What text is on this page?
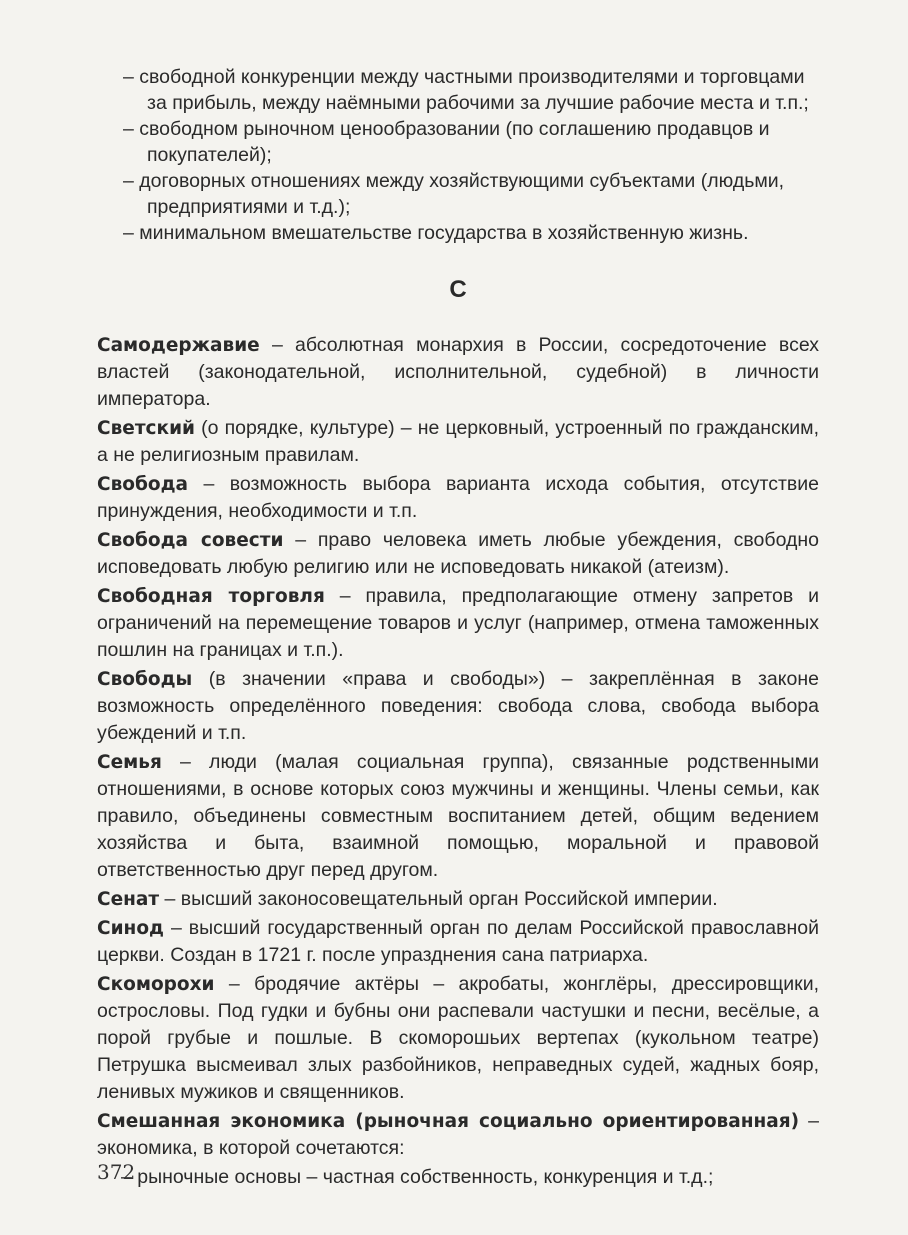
– свободной конкуренции между частными производителями и торговцами за прибыль, между наёмными рабочими за лучшие рабочие места и т.п.;

– свободном рыночном ценообразовании (по соглашению продавцов и покупателей);

– договорных отношениях между хозяйствующими субъектами (людьми, предприятиями и т.д.);

– минимальном вмешательстве государства в хозяйственную жизнь.

С

Самодержавие – абсолютная монархия в России, сосредоточение всех властей (законодательной, исполнительной, судебной) в личности императора.

Светский (о порядке, культуре) – не церковный, устроенный по гражданским, а не религиозным правилам.

Свобода – возможность выбора варианта исхода события, отсутствие принуждения, необходимости и т.п.

Свобода совести – право человека иметь любые убеждения, свободно исповедовать любую религию или не исповедовать никакой (атеизм).

Свободная торговля – правила, предполагающие отмену запретов и ограничений на перемещение товаров и услуг (например, отмена таможенных пошлин на границах и т.п.).

Свободы (в значении «права и свободы») – закреплённая в законе возможность определённого поведения: свобода слова, свобода выбора убеждений и т.п.

Семья – люди (малая социальная группа), связанные родственными отношениями, в основе которых союз мужчины и женщины. Члены семьи, как правило, объединены совместным воспитанием детей, общим ведением хозяйства и быта, взаимной помощью, моральной и правовой ответственностью друг перед другом.

Сенат – высший законосовещательный орган Российской империи.

Синод – высший государственный орган по делам Российской православной церкви. Создан в 1721 г. после упразднения сана патриарха.

Скоморохи – бродячие актёры – акробаты, жонглёры, дрессировщики, острословы. Под гудки и бубны они распевали частушки и песни, весёлые, а порой грубые и пошлые. В скоморошьих вертепах (кукольном театре) Петрушка высмеивал злых разбойников, неправедных судей, жадных бояр, ленивых мужиков и священников.

Смешанная экономика (рыночная социально ориентированная) – экономика, в которой сочетаются:

– рыночные основы – частная собственность, конкуренция и т.д.;

372
